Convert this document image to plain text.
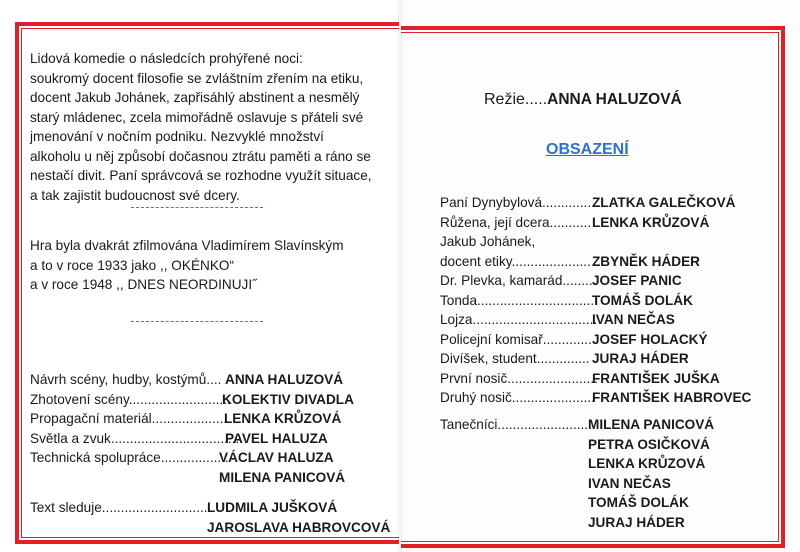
Lidová komedie o následcích prohýřené noci:
soukromý docent filosofie se zvláštním zřením na etiku,
docent Jakub Johánek, zapřisáhlý abstinent a nesmělý
starý mládenec, zcela mimořádně oslavuje s přáteli své
jmenování v nočním podniku. Nezvyklé množství
alkoholu u něj způsobí dočasnou ztrátu paměti a ráno se
nestačí divit. Paní správcová se rozhodne využít situace,
a tak zajistit budoucnost své dcery.
Hra byla dvakrát zfilmována Vladimírem Slavínským
a to v roce 1933 jako ,, OKÉNKO“
a v roce 1948 ,, DNES NEORDINUJI˝
Návrh scény, hudby, kostýmů.... ANNA HALUZOVÁ
Zhotovení scény...........................
KOLEKTIV DIVADLA
Propagační materiál.....................
LENKA KRŮZOVÁ
Světla a zvuk..................................
PAVEL HALUZA
Technická spolupráce..................
VÁCLAV HALUZA
MILENA PANICOVÁ
Text sleduje..............................
LUDMILA JUŠKOVÁ
JAROSLAVA HABROVCOVÁ
Režie.....ANNA HALUZOVÁ
OBSAZENÍ
Paní Dynybylová............. ZLATKA GALEČKOVÁ
Růžena, její dcera........... LENKA KRŮZOVÁ
Jakub Johánek,
docent etiky..................... ZBYNĚK HÁDER
Dr. Plevka, kamarád.........
JOSEF PANIC
Tonda...............................
TOMÁŠ DOLÁK
Lojza.................................
IVAN NEČAS
Policejní komisař............. JOSEF HOLACKÝ
Divíšek, student.............. JURAJ HÁDER
První nosič........................
FRANTIŠEK JUŠKA
Druhý nosič......................
FRANTIŠEK HABROVEC
Tanečníci.........................
MILENA PANICOVÁ
PETRA OSIČKOVÁ
LENKA KRŮZOVÁ
IVAN NEČAS
TOMÁŠ DOLÁK
JURAJ HÁDER
